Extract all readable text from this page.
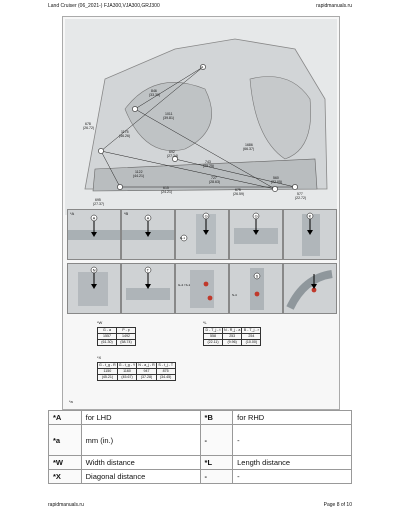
Land Cruiser (06_2021-) FJA300,VJA300,GRJ300	rapidmanuals.ru
A
846
(33.30)
1011
(39.81)
678
(26.72)
1175
(46.26)
1686
(66.37)
692
(27.24)
743
(29.25)
1122
(44.21)	727
(28.63)
615
(24.21)	675
(26.59)
560
(22.05)
577
(22.72)
695
(27.37)
*A
A
*B
A	G
G-1
G	K
N	T
G-4 / S-1
S
S-4
*W
G - a	P - p
1557	1492
(61.30)	(58.74)
*L
D - T_j - t	N - R_j - a	B - T_j - r
558	253	254
(22.11)	(9.96)	(10.00)
*X
G - t_g - R	G - t_g - Y	N - a_j - R	S - t_j - T
1150	1160	947	875
(45.21)	(45.67)	(37.28)	(34.45)
*a
*A	for LHD	*B	for RHD
*a	mm (in.)	-	-
*W	Width distance	*L	Length distance
*X	Diagonal distance	-	-
rapidmanuals.ru	Page 8 of 10
